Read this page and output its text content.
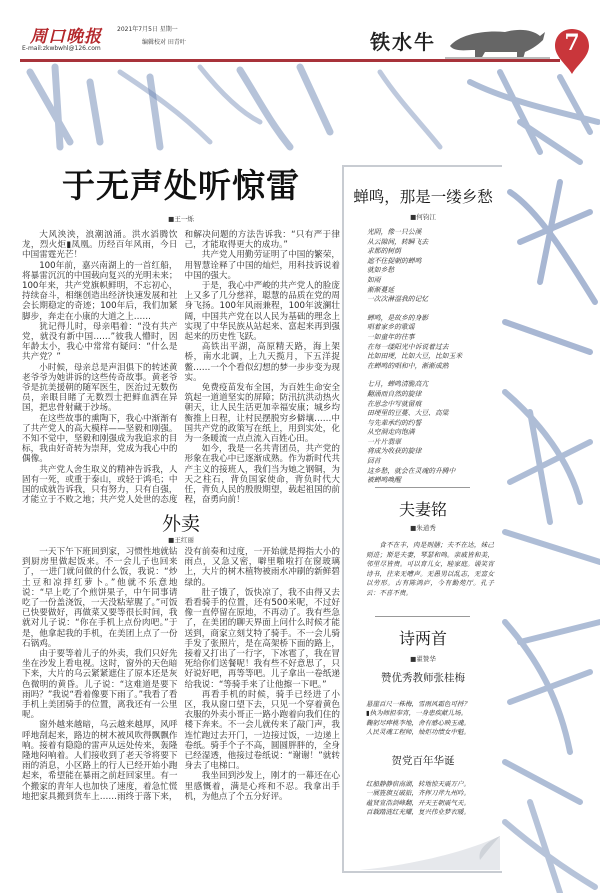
周口晚报
E-mail:zkwbwhl@126.com
2021年7月5日 星期一
编辑校对 田青叶	铁水牛	7
于无声处听惊雷
■王一烁

大风泱泱，浪潮汹涌。洪水滔腾饮龙，烈火炬▮凤凰。历经百年风雨，今日中国雷霆光芒！

100年前，嘉兴南湖上的一首红船，将暴雷沉沉的中国载向复兴的光明未来；100年来，共产党旗帜鲜明，不忘初心，持续奋斗，相继创造出经济快速发展和社会长期稳定的奇迹；100年后，我们加紧脚步，奔走在小康的大道之上……

犹记得儿时，母亲唱着：“没有共产党，就没有新中国……”彼我人懵时，因年龄太小，我心中常常有疑问：“什么是共产党？”

小时候，母亲总是声泪俱下的转述黄老爷爷为她讲诉的这些传奇故事。黄老爷爷是抗美援朝的随军医生，医治过无数伤员，亲眼目睹了无数烈士把鲜血洒在异国，把忠骨射藏于沙场。

在这些故事的熏陶下，我心中渐渐有了共产党人的高大模样——坚毅和刚强。不知不觉中，坚毅和刚强成为我追求的目标，我由好奇转为崇拜，党成为我心中的偶像。

共产党人舍生取义的精神告诉我，人固有一死，或重于泰山，或轻于鸿毛；中国的成就告诉我，只有努力，只有自强，才能立于不败之地；共产党人处世的态度和解决问题的方法告诉我：“只有严于律己，才能取得更大的成功。”

共产党人用勤劳证明了中国的繁荣，用智慧诠释了中国的灿烂，用科技诉说着中国的强大。

于是，我心中严峻的共产党人的脸庞上又多了几分慈祥，聪慧的品质在党的周身飞扬。100年风雨兼程，100年波澜壮阔，中国共产党在以人民为基础的理念上实现了中华民族从站起来、富起来再到强起来的历史性飞跃。

高铁出平湖，高原精天路，海上架桥，南水北调，上九天揽月，下五洋捉鳖……一个个看似幻想的梦一步步变为现实。

免费疫苗发布全国，为百姓生命安全筑起一道道坚实的屏障；防汛抗洪动热火朝天，让人民生活更加幸福安康；城乡均衡推上日程，让村民摆脱穷乡僻壤……中国共产党的政策写在纸上，用到实处，化为一条暖流一点点流入百姓心田。

如今，我是一名共青团员，共产党的形象在我心中已逐渐成熟。作为新时代共产主义的接班人，我们当为她之钢铜，为天之柱石，背负国家使命，背负时代大任，背负人民的殷殷期望，载起祖国的前程，奋勇向前！

外卖
■王红丽

一天下午下班回到家，习惯性地就钻到厨房里做起饭来。不一会儿子也回来了，一进门就问做的什么饭，我说：“炒土豆和凉拌红萝卜。”他就不乐意地说：“早上吃了个煎饼果子，中午同事请吃了一份盖浇饭，一天没粘荤腥了。”可饭已快要做好，再做菜又要等很长时间，我就对儿子说：“你在手机上点份肉吧。”于是，他拿起我的手机，在美团上点了一份石锅鸡。

由于要等着儿子的外卖，我们只好先坐在沙发上看电视。这时，窗外的天色暗下来，大片的乌云紧紧遮住了原本还是灰色微明的黄昏。儿子说：“这难道是要下雨吗？”我说“看着像要下雨了。”我看了看手机上美团骑手的位置，离我还有一公里呢。

窗外越来越暗，乌云越来越厚，风呼呼地刮起来，路边的树木被风吹得飘飘作响。接着有隐隐的雷声从远处传来，轰隆隆地闷响着。人们接收到了老天爷将要下雨的消息，小区路上的行人已经开始小跑起来，希望能在暴雨之前赶回家里。有一个搬家的青年人也加快了速度，着急忙慌地把家具搬到货车上……雨终于落下来，没有前奏和过度，一开始就是拇指大小的雨点，又急又密，噼里啪啦打在窗玻璃上，大片的树木植物被雨水冲刷的新鲜碧绿的。

肚子饿了，饭快凉了，我不由得又去看看骑手的位置，还有500米呢，不过好像一直停留在原地，不再动了。我有些急了，在美团的聊天界面上问什么时候才能送到，商家立刻艾特了骑手。不一会儿骑手发了张照片，是在高架桥下面的路上，接着又打出了一行字，下冰雹了，我在冒死给你们送餐呢！我有些不好意思了，只好说好吧，再等等吧。儿子拿出一卷纸递给我说：“等骑手来了让他擦一下吧。”

再看手机的时候，骑手已经进了小区，我从窗口望下去，只见一个穿着黄色衣服的外卖小哥正一路小跑着向我们住的楼下奔来。不一会儿就传来了敲门声，我连忙跑过去开门，一边接过饭，一边递上卷纸。骑手个子不高，圆圆胖胖的，全身已经湿透，他接过卷纸说：“谢谢！”就转身去了电梯口。

我坐回到沙发上，刚才的一幕还在心里感慨着，满是心疼和不忍。我拿出手机，为他点了个五分好评。

蝉鸣，那是一缕乡愁
■何钧江
光阴，像一只公溪
从云隙间，转瞬飞去
求都的树荫
遮不住提朝的蝉鸣
就如乡愁
如雨
渐渐蔓延
一次次淋湿我的记忆
蝉鸣，是故乡的身影
唱着家乡的歌谣
一如童年的往事
在每一缕阳光中诉说着过去
比如田埂，比如大豆，比如玉米
在蝉鸣的唱和中，渐渐成熟
七月，蝉鸣清脆高亢
翻涌而自然的旋律
在思念中写就留痕
田埂里的豆蔓、大豆、高粱
与先辈承约的约誓
从空洞走向饱满
一片片翡翠
将成为收获的旋律
回首
这乡愁，就会在灵魂的升腾中
被蝉鸣唤醒
夫妻铭
■朱道秀
食不在丰，肉是则膳；夫不在达，妹己则进；斯是夫妻，琴瑟和鸣。亲戚皆和美，邻里尽皆贵。可以育儿女，睦家庭。诵笑宵诗书，往来无嘈声。无愚男以乱志，无富女以劳形。古有陈鸿庐，今有勤苑厅。孔子云：不喜不贵。
诗两首
■翟赞华
赞优秀教师张桂梅
悬崖百尺一株梅，雪雨风霜色可捋？
▮执为师担奉宵，一身患疾献儿场。
鞠躬尽瘁桃李地，舍有感心映玉魂。
人民灵魂工程师，烛炬功绩女中魁。
贺党百年华诞
红船静静宿南湖，转地惊天震万户。
一展旌旗互破旅，齐挥刀斧九州吟。
蕴贤宣浩剑峰翻，开天王朝震气天。
百载踏涟红光耀，复兴伟业梦衣暖。
